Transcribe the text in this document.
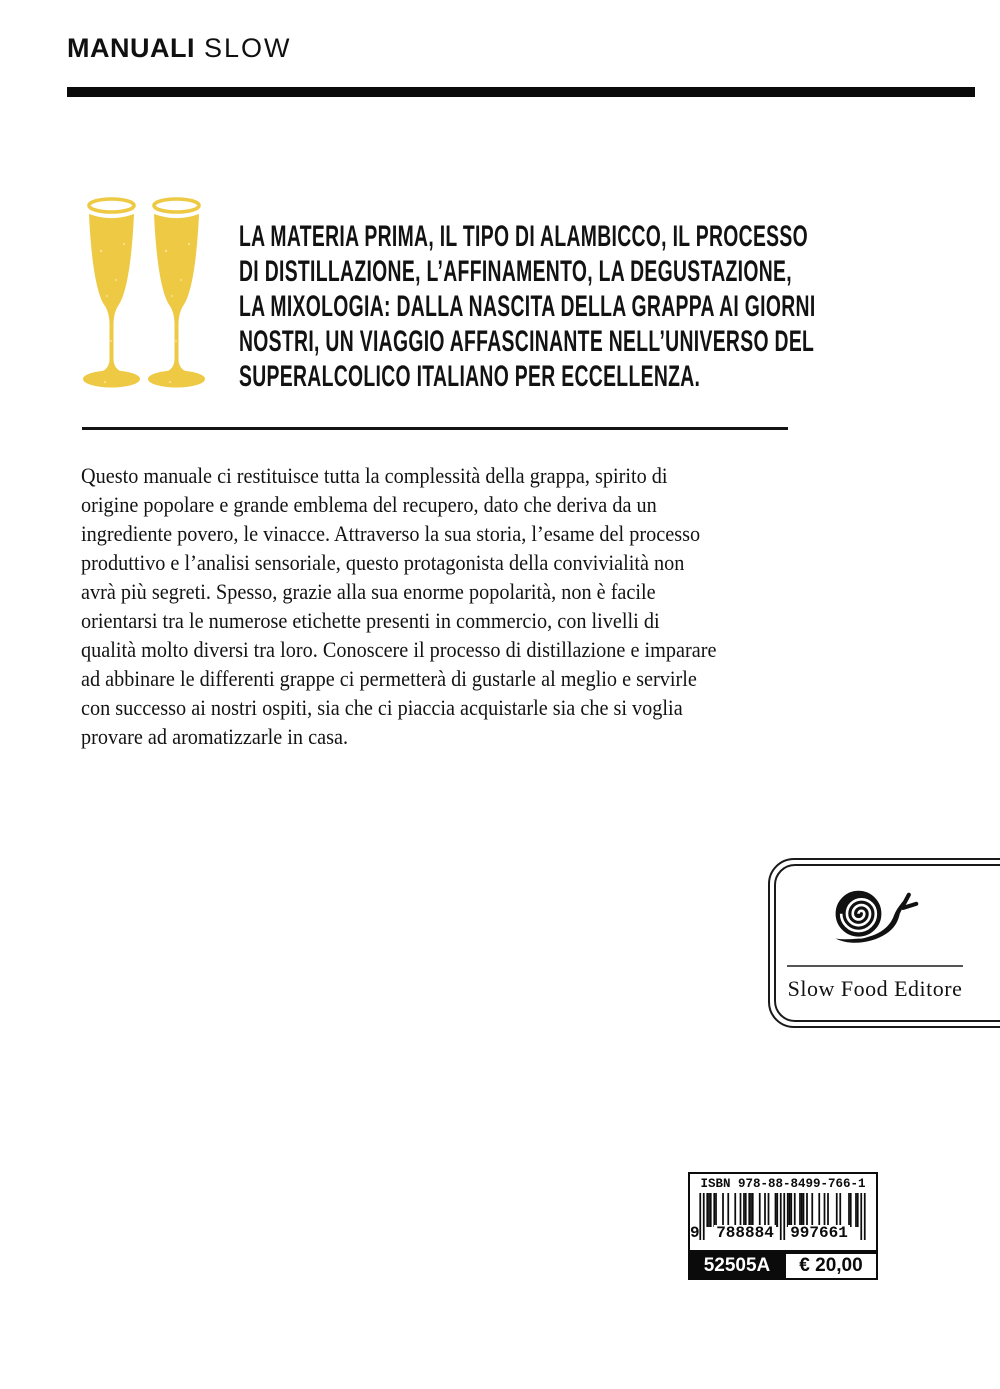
MANUALI SLOW
LA MATERIA PRIMA, IL TIPO DI ALAMBICCO, IL PROCESSO
DI DISTILLAZIONE, L’AFFINAMENTO, LA DEGUSTAZIONE,
LA MIXOLOGIA: DALLA NASCITA DELLA GRAPPA AI GIORNI
NOSTRI, UN VIAGGIO AFFASCINANTE NELL’UNIVERSO DEL
SUPERALCOLICO ITALIANO PER ECCELLENZA.
Questo manuale ci restituisce tutta la complessità della grappa, spirito di
origine popolare e grande emblema del recupero, dato che deriva da un
ingrediente povero, le vinacce. Attraverso la sua storia, l’esame del processo
produttivo e l’analisi sensoriale, questo protagonista della convivialità non
avrà più segreti. Spesso, grazie alla sua enorme popolarità, non è facile
orientarsi tra le numerose etichette presenti in commercio, con livelli di
qualità molto diversi tra loro. Conoscere il processo di distillazione e imparare
ad abbinare le differenti grappe ci permetterà di gustarle al meglio e servirle
con successo ai nostri ospiti, sia che ci piaccia acquistarle sia che si voglia
provare ad aromatizzarle in casa.
Slow Food Editore
ISBN 978-88-8499-766-1
9 788884 997661
52505A	€ 20,00
